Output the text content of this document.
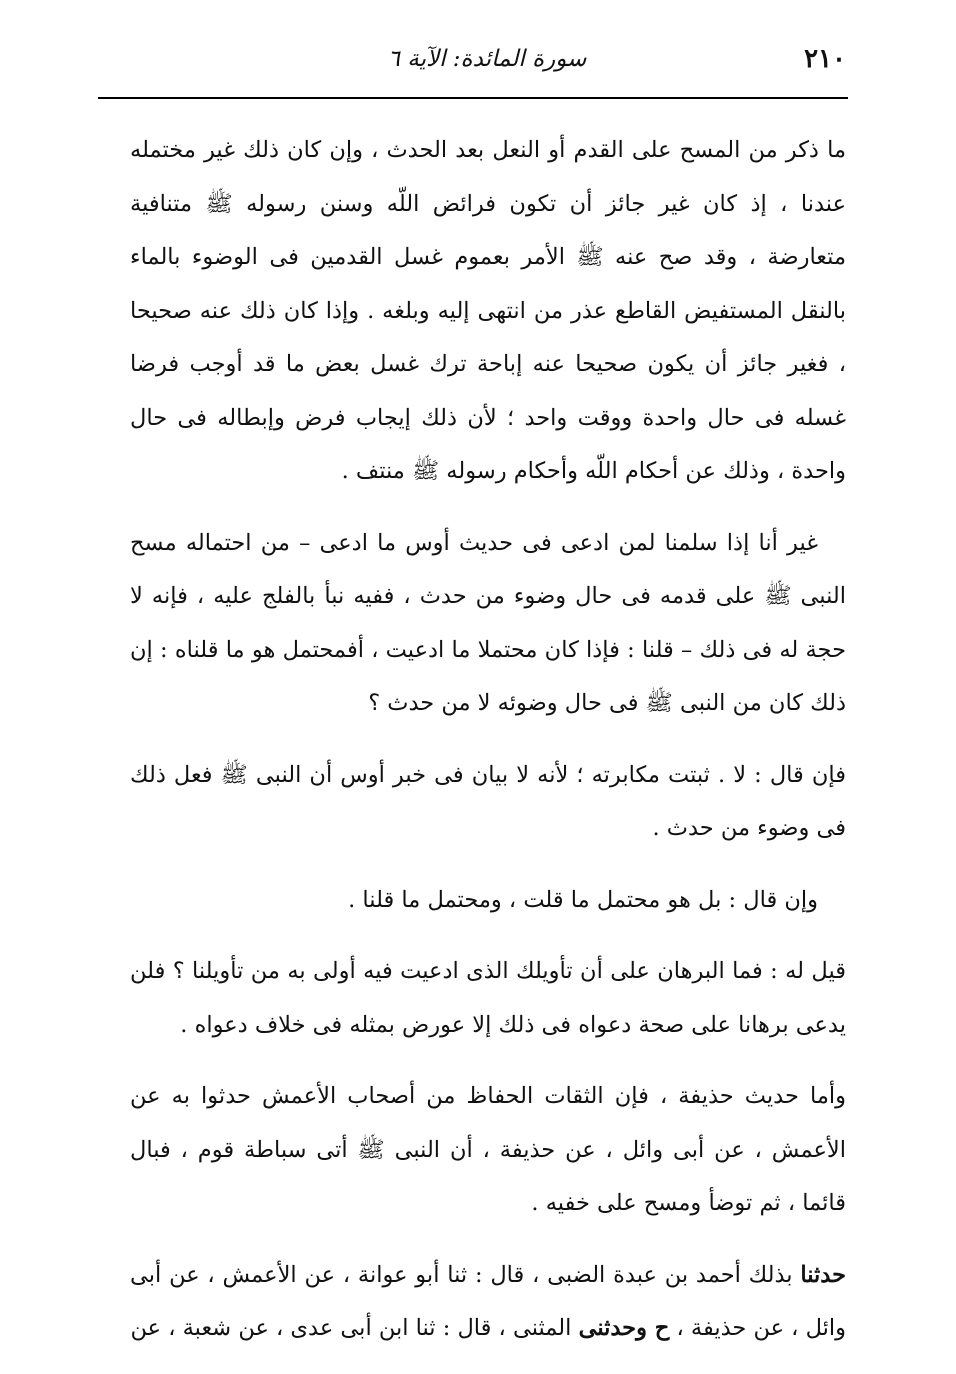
٢١٠
سورة المائدة: الآية ٦

ما ذكر من المسح على القدم أو النعل بعد الحدث ، وإن كان ذلك غير مختمله عندنا ، إذ كان غير جائز أن تكون فرائض اللّه وسنن رسوله ﷺ متنافية متعارضة ، وقد صح عنه ﷺ الأمر بعموم غسل القدمين فى الوضوء بالماء بالنقل المستفيض القاطع عذر من انتهى إليه وبلغه . وإذا كان ذلك عنه صحيحا ، فغير جائز أن يكون صحيحا عنه إباحة ترك غسل بعض ما قد أوجب فرضا غسله فى حال واحدة ووقت واحد ؛ لأن ذلك إيجاب فرض وإبطاله فى حال واحدة ، وذلك عن أحكام اللّه وأحكام رسوله ﷺ منتف .

غير أنا إذا سلمنا لمن ادعى فى حديث أوس ما ادعى – من احتماله مسح النبى ﷺ على قدمه فى حال وضوء من حدث ، ففيه نبأ بالفلج عليه ، فإنه لا حجة له فى ذلك – قلنا : فإذا كان محتملا ما ادعيت ، أفمحتمل هو ما قلناه : إن ذلك كان من النبى ﷺ فى حال وضوئه لا من حدث ؟

فإن قال : لا . ثبتت مكابرته ؛ لأنه لا بيان فى خبر أوس أن النبى ﷺ فعل ذلك فى وضوء من حدث .

وإن قال : بل هو محتمل ما قلت ، ومحتمل ما قلنا .

قيل له : فما البرهان على أن تأويلك الذى ادعيت فيه أولى به من تأويلنا ؟ فلن يدعى برهانا على صحة دعواه فى ذلك إلا عورض بمثله فى خلاف دعواه .

وأما حديث حذيفة ، فإن الثقات الحفاظ من أصحاب الأعمش حدثوا به عن الأعمش ، عن أبى وائل ، عن حذيفة ، أن النبى ﷺ أتى سباطة قوم ، فبال قائما ، ثم توضأ ومسح على خفيه .

حدثنا بذلك أحمد بن عبدة الضبى ، قال : ثنا أبو عوانة ، عن الأعمش ، عن أبى وائل ، عن حذيفة ، ح وحدثنى المثنى ، قال : ثنا ابن أبى عدى ، عن شعبة ، عن
